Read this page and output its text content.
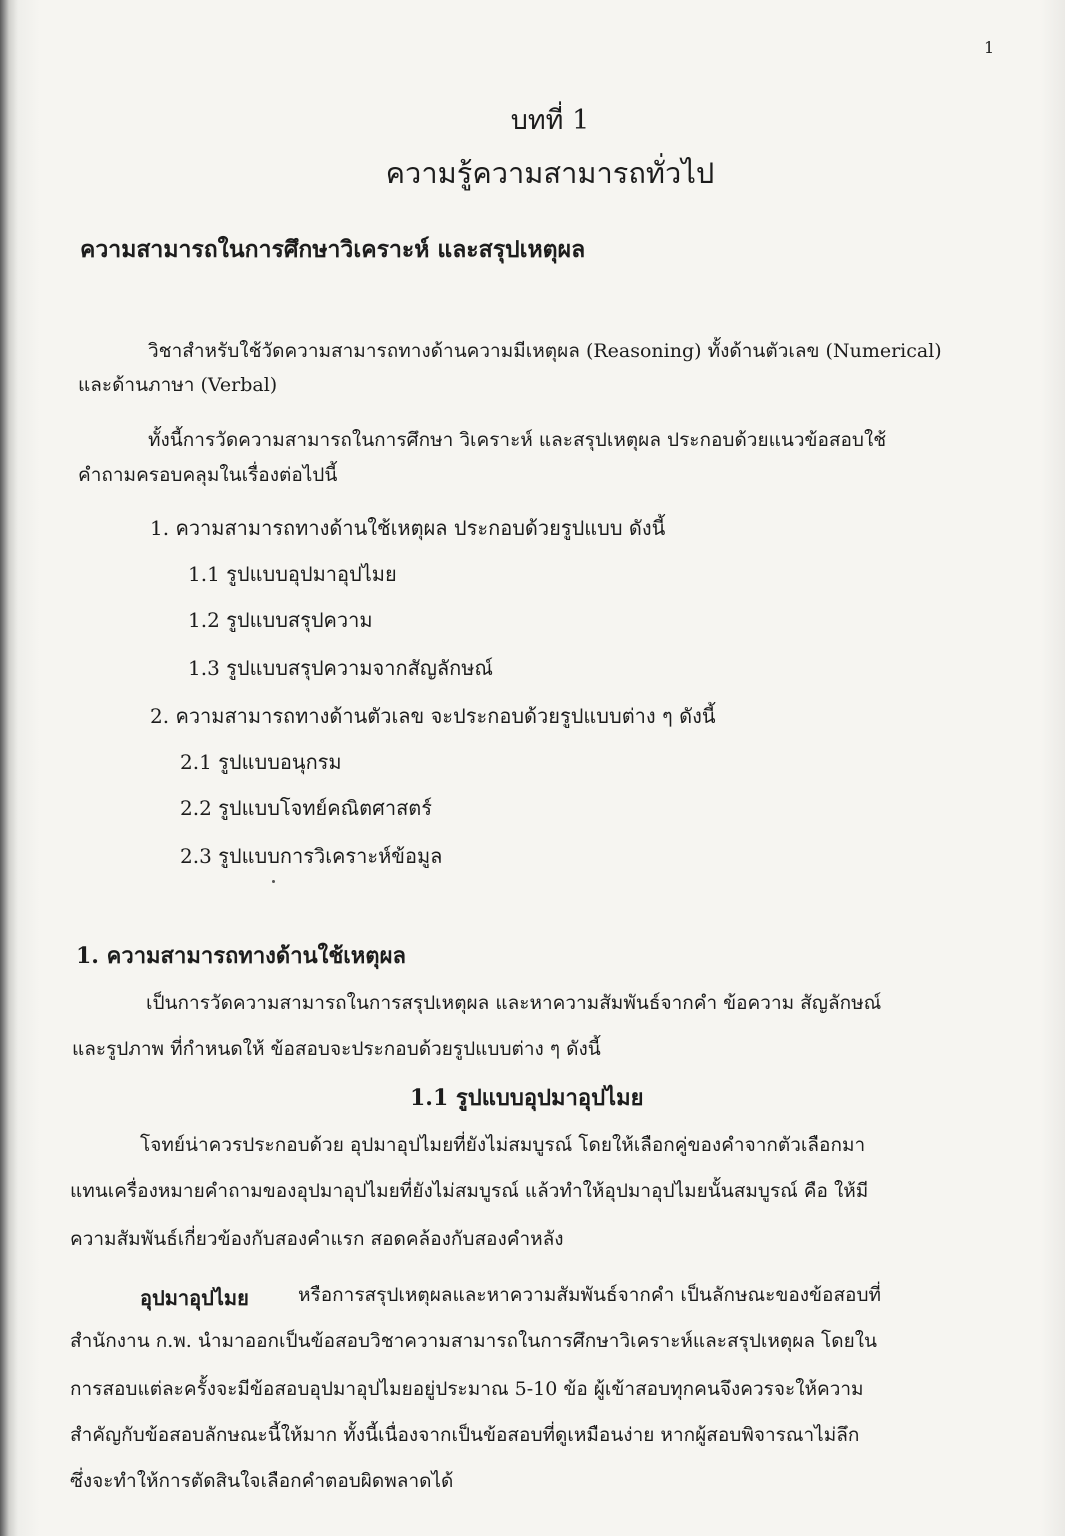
1
บทที่ 1
ความรู้ความสามารถทั่วไป
ความสามารถในการศึกษาวิเคราะห์ และสรุปเหตุผล
วิชาสำหรับใช้วัดความสามารถทางด้านความมีเหตุผล (Reasoning) ทั้งด้านตัวเลข (Numerical)
และด้านภาษา (Verbal)
ทั้งนี้การวัดความสามารถในการศึกษา วิเคราะห์ และสรุปเหตุผล ประกอบด้วยแนวข้อสอบใช้
คำถามครอบคลุมในเรื่องต่อไปนี้
1. ความสามารถทางด้านใช้เหตุผล ประกอบด้วยรูปแบบ ดังนี้
1.1 รูปแบบอุปมาอุปไมย
1.2 รูปแบบสรุปความ
1.3 รูปแบบสรุปความจากสัญลักษณ์
2. ความสามารถทางด้านตัวเลข จะประกอบด้วยรูปแบบต่าง ๆ ดังนี้
2.1 รูปแบบอนุกรม
2.2 รูปแบบโจทย์คณิตศาสตร์
2.3 รูปแบบการวิเคราะห์ข้อมูล
1. ความสามารถทางด้านใช้เหตุผล
เป็นการวัดความสามารถในการสรุปเหตุผล และหาความสัมพันธ์จากคำ ข้อความ สัญลักษณ์
และรูปภาพ ที่กำหนดให้ ข้อสอบจะประกอบด้วยรูปแบบต่าง ๆ ดังนี้
1.1 รูปแบบอุปมาอุปไมย
โจทย์น่าควรประกอบด้วย อุปมาอุปไมยที่ยังไม่สมบูรณ์ โดยให้เลือกคู่ของคำจากตัวเลือกมา
แทนเครื่องหมายคำถามของอุปมาอุปไมยที่ยังไม่สมบูรณ์ แล้วทำให้อุปมาอุปไมยนั้นสมบูรณ์ คือ ให้มี
ความสัมพันธ์เกี่ยวข้องกับสองคำแรก สอดคล้องกับสองคำหลัง
อุปมาอุปไมย	หรือการสรุปเหตุผลและหาความสัมพันธ์จากคำ เป็นลักษณะของข้อสอบที่
สำนักงาน ก.พ. นำมาออกเป็นข้อสอบวิชาความสามารถในการศึกษาวิเคราะห์และสรุปเหตุผล โดยใน
การสอบแต่ละครั้งจะมีข้อสอบอุปมาอุปไมยอยู่ประมาณ 5-10 ข้อ ผู้เข้าสอบทุกคนจึงควรจะให้ความ
สำคัญกับข้อสอบลักษณะนี้ให้มาก ทั้งนี้เนื่องจากเป็นข้อสอบที่ดูเหมือนง่าย หากผู้สอบพิจารณาไม่ลึก
ซึ่งจะทำให้การตัดสินใจเลือกคำตอบผิดพลาดได้
